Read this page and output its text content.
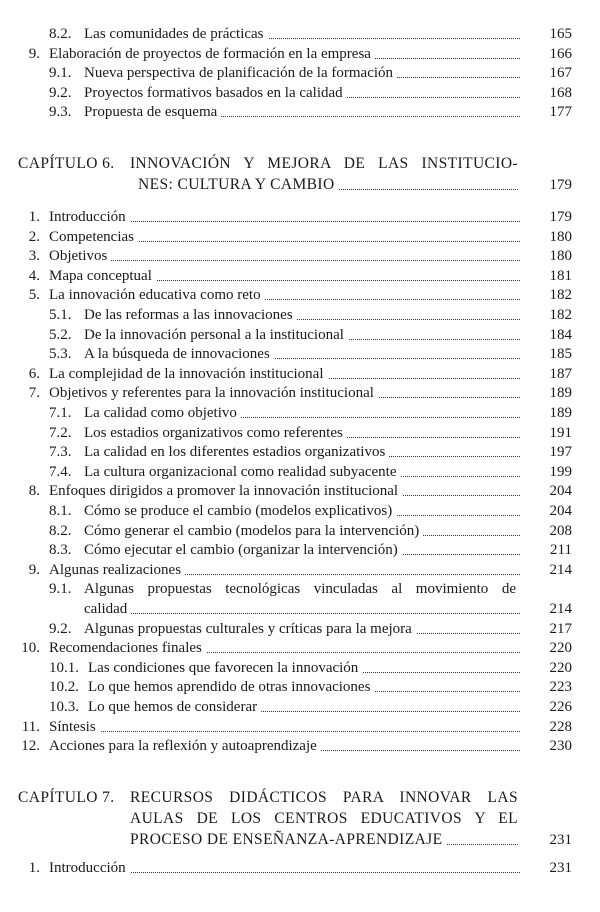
8.2. Las comunidades de prácticas	165
9. Elaboración de proyectos de formación en la empresa	166
9.1. Nueva perspectiva de planificación de la formación	167
9.2. Proyectos formativos basados en la calidad	168
9.3. Propuesta de esquema	177
CAPÍTULO 6. INNOVACIÓN Y MEJORA DE LAS INSTITUCIO-
NES: CULTURA Y CAMBIO	179
1. Introducción	179
2. Competencias	180
3. Objetivos	180
4. Mapa conceptual	181
5. La innovación educativa como reto	182
5.1. De las reformas a las innovaciones	182
5.2. De la innovación personal a la institucional	184
5.3. A la búsqueda de innovaciones	185
6. La complejidad de la innovación institucional	187
7. Objetivos y referentes para la innovación institucional	189
7.1. La calidad como objetivo	189
7.2. Los estadios organizativos como referentes	191
7.3. La calidad en los diferentes estadios organizativos	197
7.4. La cultura organizacional como realidad subyacente	199
8. Enfoques dirigidos a promover la innovación institucional	204
8.1. Cómo se produce el cambio (modelos explicativos)	204
8.2. Cómo generar el cambio (modelos para la intervención)	208
8.3. Cómo ejecutar el cambio (organizar la intervención)	211
9. Algunas realizaciones	214
9.1. Algunas propuestas tecnológicas vinculadas al movimiento de
calidad	214
9.2. Algunas propuestas culturales y críticas para la mejora	217
10. Recomendaciones finales	220
10.1. Las condiciones que favorecen la innovación	220
10.2. Lo que hemos aprendido de otras innovaciones	223
10.3. Lo que hemos de considerar	226
11. Síntesis	228
12. Acciones para la reflexión y autoaprendizaje	230
CAPÍTULO 7. RECURSOS DIDÁCTICOS PARA INNOVAR LAS
AULAS DE LOS CENTROS EDUCATIVOS Y EL
PROCESO DE ENSEÑANZA-APRENDIZAJE	231
1. Introducción	231
